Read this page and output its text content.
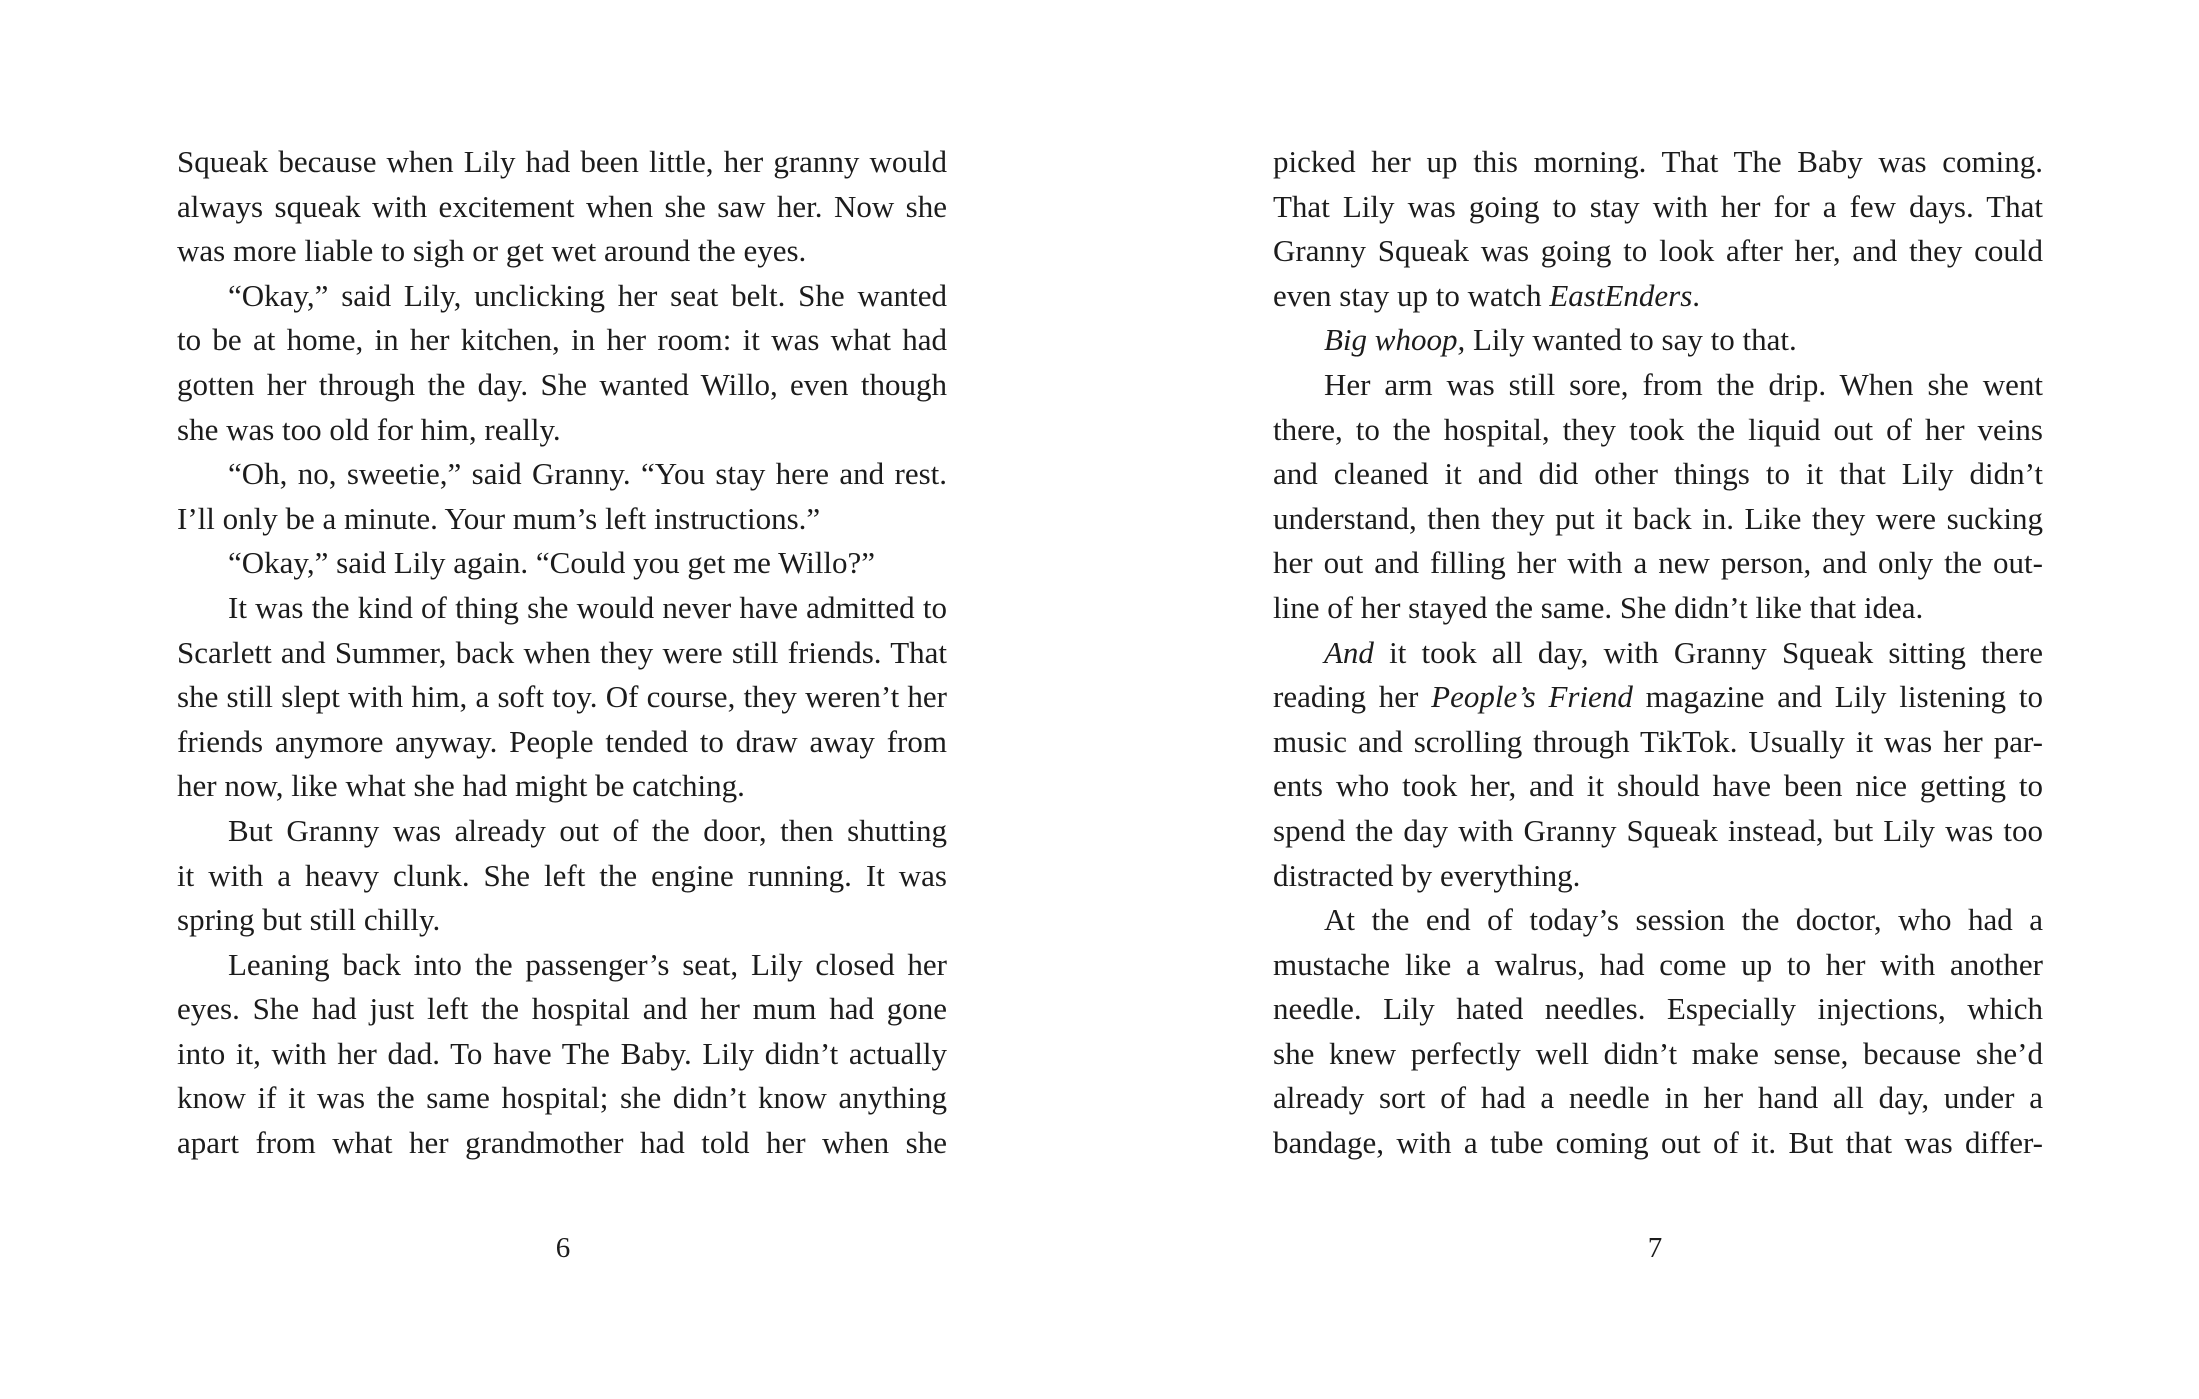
Squeak because when Lily had been little, her granny would
always squeak with excitement when she saw her. Now she
was more liable to sigh or get wet around the eyes.
“Okay,” said Lily, unclicking her seat belt. She wanted
to be at home, in her kitchen, in her room: it was what had
gotten her through the day. She wanted Willo, even though
she was too old for him, really.
“Oh, no, sweetie,” said Granny. “You stay here and rest.
I’ll only be a minute. Your mum’s left instructions.”
“Okay,” said Lily again. “Could you get me Willo?”
It was the kind of thing she would never have admitted to
Scarlett and Summer, back when they were still friends. That
she still slept with him, a soft toy. Of course, they weren’t her
friends anymore anyway. People tended to draw away from
her now, like what she had might be catching.
But Granny was already out of the door, then shutting
it with a heavy clunk. She left the engine running. It was
spring but still chilly.
Leaning back into the passenger’s seat, Lily closed her
eyes. She had just left the hospital and her mum had gone
into it, with her dad. To have The Baby. Lily didn’t actually
know if it was the same hospital; she didn’t know anything
apart from what her grandmother had told her when she
6
picked her up this morning. That The Baby was coming.
That Lily was going to stay with her for a few days. That
Granny Squeak was going to look after her, and they could
even stay up to watch EastEnders.
Big whoop, Lily wanted to say to that.
Her arm was still sore, from the drip. When she went
there, to the hospital, they took the liquid out of her veins
and cleaned it and did other things to it that Lily didn’t
understand, then they put it back in. Like they were sucking
her out and filling her with a new person, and only the out-
line of her stayed the same. She didn’t like that idea.
And it took all day, with Granny Squeak sitting there
reading her People’s Friend magazine and Lily listening to
music and scrolling through TikTok. Usually it was her par-
ents who took her, and it should have been nice getting to
spend the day with Granny Squeak instead, but Lily was too
distracted by everything.
At the end of today’s session the doctor, who had a
mustache like a walrus, had come up to her with another
needle. Lily hated needles. Especially injections, which
she knew perfectly well didn’t make sense, because she’d
already sort of had a needle in her hand all day, under a
bandage, with a tube coming out of it. But that was differ-
7
